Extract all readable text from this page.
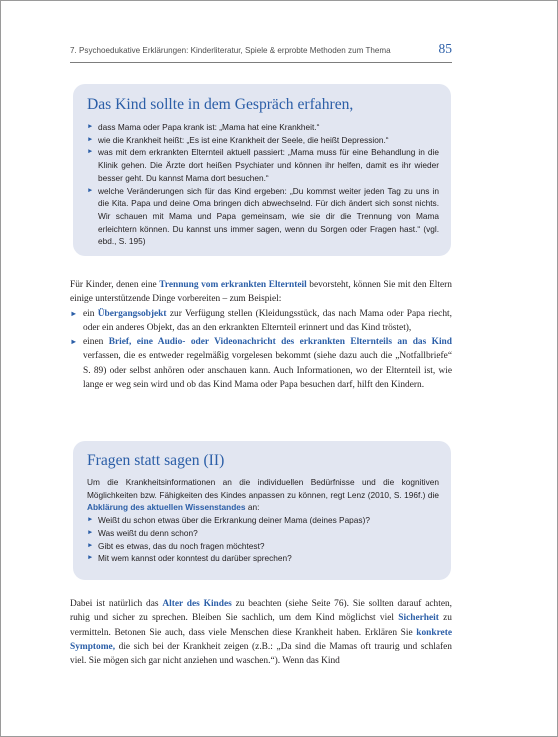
7. Psychoedukative Erklärungen: Kinderliteratur, Spiele & erprobte Methoden zum Thema	85
Das Kind sollte in dem Gespräch erfahren,
► dass Mama oder Papa krank ist: „Mama hat eine Krankheit.“
► wie die Krankheit heißt: „Es ist eine Krankheit der Seele, die heißt Depression.“
► was mit dem erkrankten Elternteil aktuell passiert: „Mama muss für eine Behandlung in die Klinik gehen. Die Ärzte dort heißen Psychiater und können ihr helfen, damit es ihr wieder besser geht. Du kannst Mama dort besuchen.“
► welche Veränderungen sich für das Kind ergeben: „Du kommst weiter jeden Tag zu uns in die Kita. Papa und deine Oma bringen dich abwechselnd. Für dich ändert sich sonst nichts. Wir schauen mit Mama und Papa gemeinsam, wie sie dir die Trennung von Mama erleichtern können. Du kannst uns immer sagen, wenn du Sorgen oder Fragen hast.“ (vgl. ebd., S. 195)

Für Kinder, denen eine Trennung vom erkrankten Elternteil bevorsteht, können Sie mit den Eltern einige unterstützende Dinge vorbereiten – zum Beispiel:

► ein Übergangsobjekt zur Verfügung stellen (Kleidungsstück, das nach Mama oder Papa riecht, oder ein anderes Objekt, das an den erkrankten Elternteil erinnert und das Kind tröstet),
► einen Brief, eine Audio- oder Videonachricht des erkrankten Elternteils an das Kind verfassen, die es entweder regelmäßig vorgelesen bekommt (siehe dazu auch die „Notfallbriefe“ S. 89) oder selbst anhören oder anschauen kann. Auch Informationen, wo der Elternteil ist, wie lange er weg sein wird und ob das Kind Mama oder Papa besuchen darf, hilft den Kindern.
Fragen statt sagen (II)

Um die Krankheitsinformationen an die individuellen Bedürfnisse und die kognitiven Möglichkeiten bzw. Fähigkeiten des Kindes anpassen zu können, regt Lenz (2010, S. 196f.) die Abklärung des aktuellen Wissenstandes an:

► Weißt du schon etwas über die Erkrankung deiner Mama (deines Papas)?
► Was weißt du denn schon?
► Gibt es etwas, das du noch fragen möchtest?
► Mit wem kannst oder konntest du darüber sprechen?

Dabei ist natürlich das Alter des Kindes zu beachten (siehe Seite 76). Sie sollten darauf achten, ruhig und sicher zu sprechen. Bleiben Sie sachlich, um dem Kind möglichst viel Sicherheit zu vermitteln. Betonen Sie auch, dass viele Menschen diese Krankheit haben. Erklären Sie konkrete Symptome, die sich bei der Krankheit zeigen (z.B.: „Da sind die Mamas oft traurig und schlafen viel. Sie mögen sich gar nicht anziehen und waschen.“). Wenn das Kind
